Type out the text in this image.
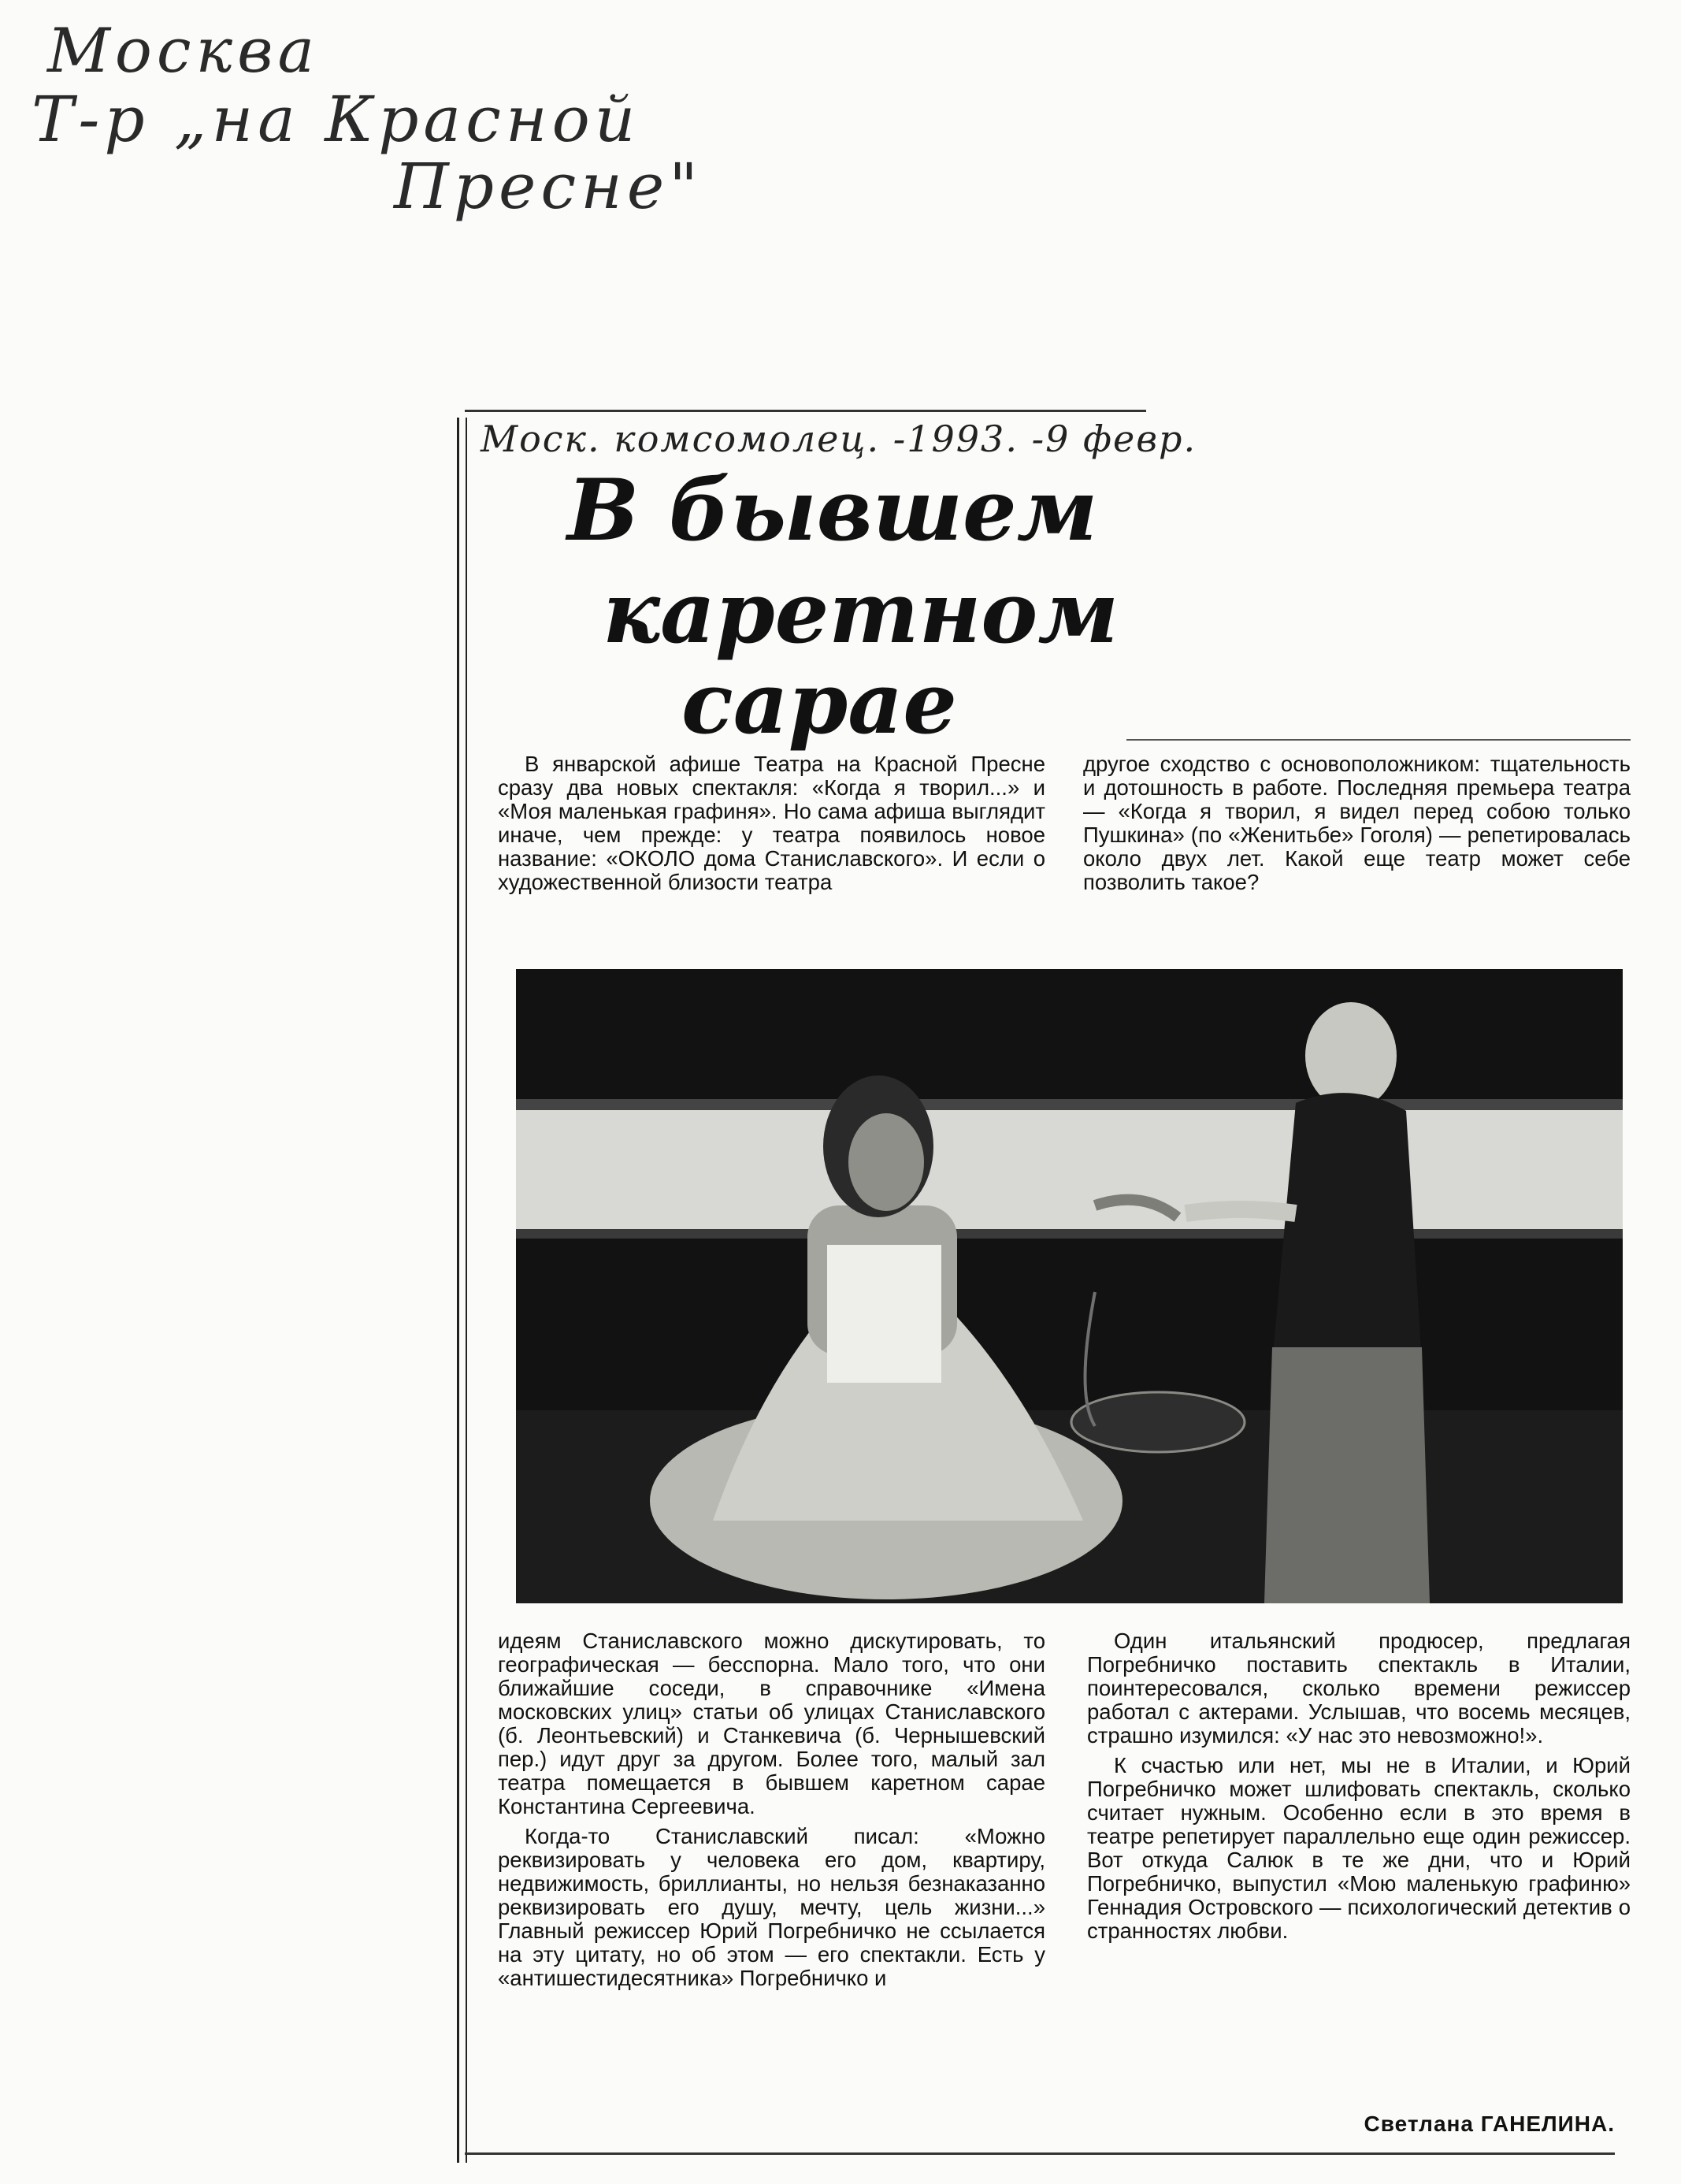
Москва
Т-р „на Красной
Пресне"
Моск. комсомолец. -1993. -9 февр.
В бывшем
каретном
сарае

В январской афише Театра на Красной Пресне сразу два новых спектакля: «Когда я творил...» и «Моя маленькая графиня». Но сама афиша выглядит иначе, чем прежде: у театра появилось новое название: «ОКОЛО дома Станиславского». И если о художественной близости театра

другое сходство с основоположником: тщательность и дотошность в работе. Последняя премьера театра — «Когда я творил, я видел перед собою только Пушкина» (по «Женитьбе» Гоголя) — репетировалась около двух лет. Какой еще театр может себе позволить такое?

идеям Станиславского можно дискутировать, то географическая — бесспорна. Мало того, что они ближайшие соседи, в справочнике «Имена московских улиц» статьи об улицах Станиславского (б. Леонтьевский) и Станкевича (б. Чернышевский пер.) идут друг за другом. Более того, малый зал театра помещается в бывшем каретном сарае Константина Сергеевича.

Когда-то Станиславский писал: «Можно реквизировать у человека его дом, квартиру, недвижимость, бриллианты, но нельзя безнаказанно реквизировать его душу, мечту, цель жизни...» Главный режиссер Юрий Погребничко не ссылается на эту цитату, но об этом — его спектакли. Есть у «антишестидесятника» Погребничко и

Один итальянский продюсер, предлагая Погребничко поставить спектакль в Италии, поинтересовался, сколько времени режиссер работал с актерами. Услышав, что восемь месяцев, страшно изумился: «У нас это невозможно!».

К счастью или нет, мы не в Италии, и Юрий Погребничко может шлифовать спектакль, сколько считает нужным. Особенно если в это время в театре репетирует параллельно еще один режиссер. Вот откуда Салюк в те же дни, что и Юрий Погребничко, выпустил «Мою маленькую графиню» Геннадия Островского — психологический детектив о странностях любви.

Светлана ГАНЕЛИНА.
